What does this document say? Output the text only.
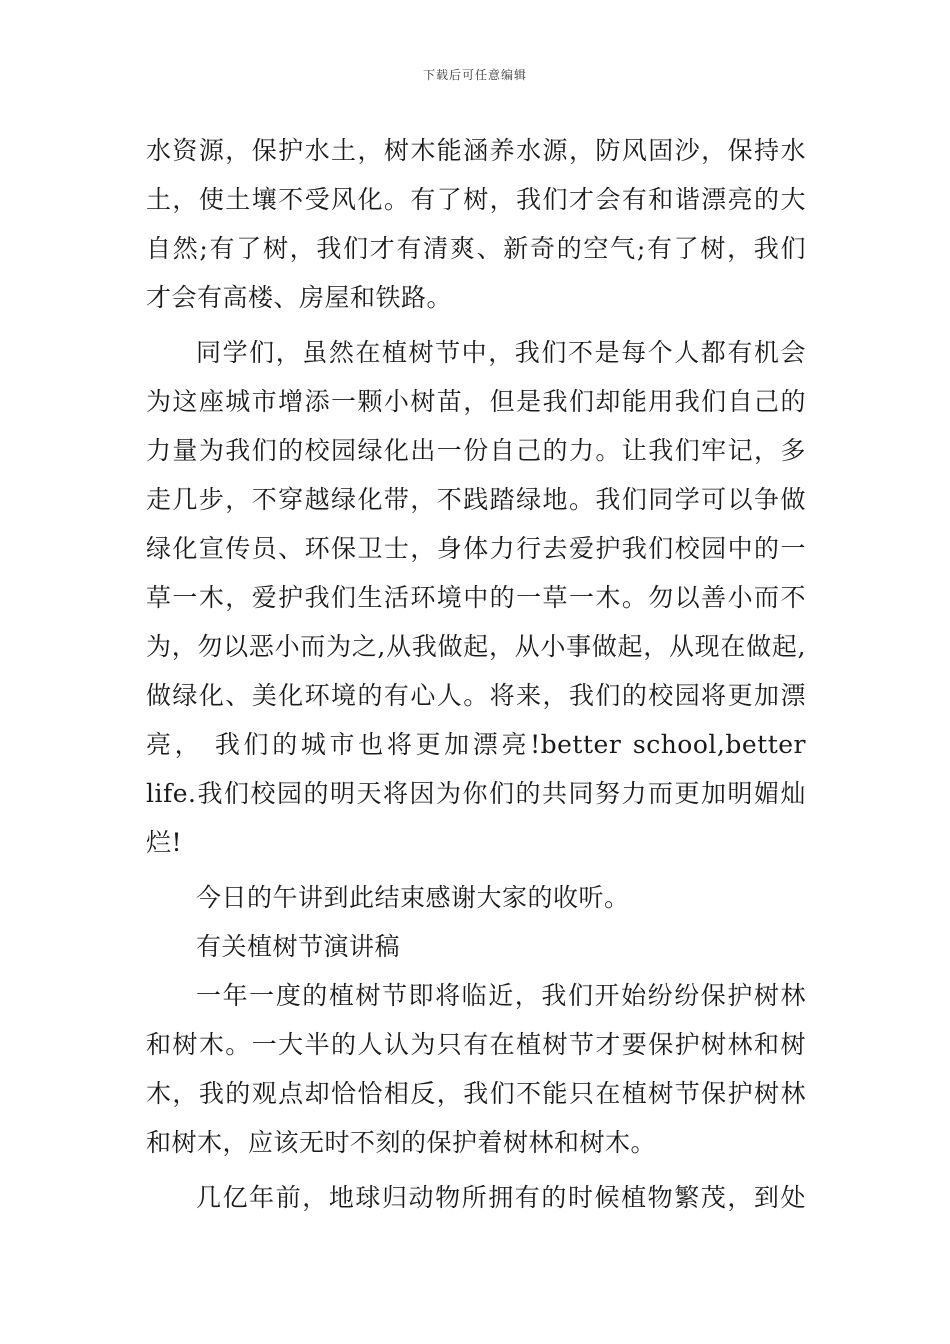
下载后可任意编辑
水资源，保护水土，树木能涵养水源，防风固沙，保持水
土，使土壤不受风化。有了树，我们才会有和谐漂亮的大
自然;有了树，我们才有清爽、新奇的空气;有了树，我们
才会有高楼、房屋和铁路。
同学们，虽然在植树节中，我们不是每个人都有机会
为这座城市增添一颗小树苗，但是我们却能用我们自己的
力量为我们的校园绿化出一份自己的力。让我们牢记，多
走几步，不穿越绿化带，不践踏绿地。我们同学可以争做
绿化宣传员、环保卫士，身体力行去爱护我们校园中的一
草一木，爱护我们生活环境中的一草一木。勿以善小而不
为，勿以恶小而为之,从我做起，从小事做起，从现在做起,
做绿化、美化环境的有心人。将来，我们的校园将更加漂
亮， 我们的城市也将更加漂亮!better school,better
life.我们校园的明天将因为你们的共同努力而更加明媚灿
烂!
今日的午讲到此结束感谢大家的收听。
有关植树节演讲稿
一年一度的植树节即将临近，我们开始纷纷保护树林
和树木。一大半的人认为只有在植树节才要保护树林和树
木，我的观点却恰恰相反，我们不能只在植树节保护树林
和树木，应该无时不刻的保护着树林和树木。
几亿年前，地球归动物所拥有的时候植物繁茂，到处
